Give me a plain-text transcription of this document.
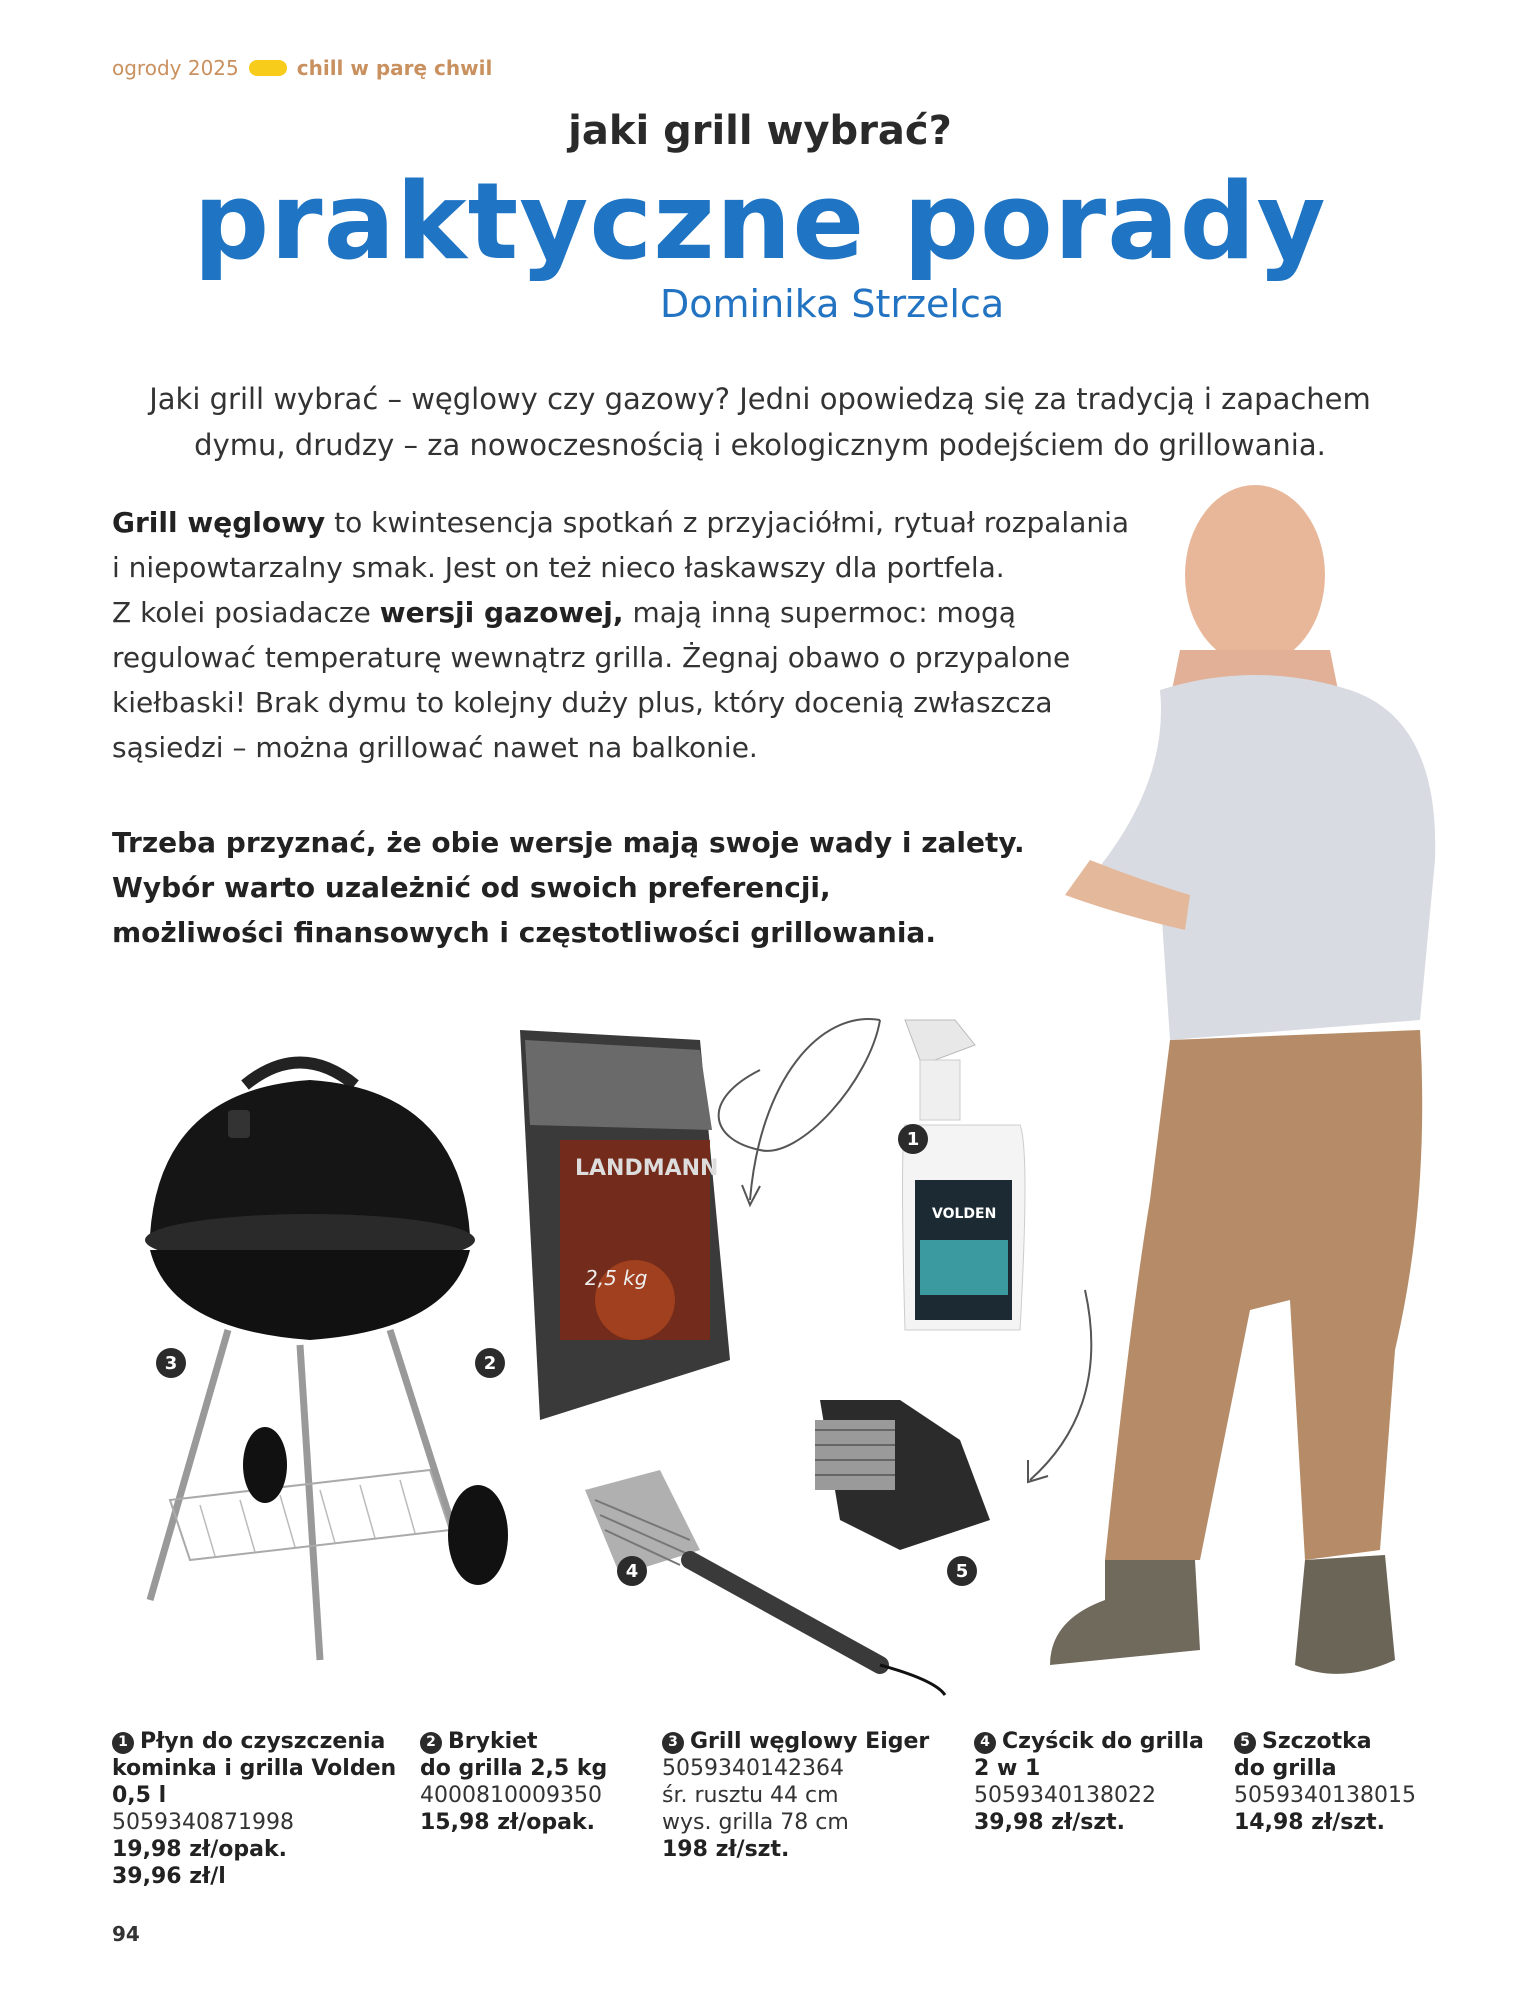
ogrody 2025	chill w parę chwil
jaki grill wybrać?
praktyczne porady
Dominika Strzelca
Jaki grill wybrać – węglowy czy gazowy? Jedni opowiedzą się za tradycją i zapachem
dymu, drudzy – za nowoczesnością i ekologicznym podejściem do grillowania.
Grill węglowy to kwintesencja spotkań z przyjaciółmi, rytuał rozpalania
i niepowtarzalny smak. Jest on też nieco łaskawszy dla portfela.
Z kolei posiadacze wersji gazowej, mają inną supermoc: mogą
regulować temperaturę wewnątrz grilla. Żegnaj obawo o przypalone
kiełbaski! Brak dymu to kolejny duży plus, który docenią zwłaszcza
sąsiedzi – można grillować nawet na balkonie.
Trzeba przyznać, że obie wersje mają swoje wady i zalety.
Wybór warto uzależnić od swoich preferencji,
możliwości finansowych i częstotliwości grillowania.
LANDMANN
2,5 kg
VOLDEN
1
2
3
4	5
1 Płyn do czyszczenia
kominka i grilla Volden
0,5 l
5059340871998
19,98 zł/opak.
39,96 zł/l
2 Brykiet
do grilla 2,5 kg
4000810009350
15,98 zł/opak.
3 Grill węglowy Eiger
5059340142364
śr. rusztu 44 cm
wys. grilla 78 cm
198 zł/szt.
4 Czyścik do grilla
2 w 1
5059340138022
39,98 zł/szt.
5 Szczotka
do grilla
5059340138015
14,98 zł/szt.
94
